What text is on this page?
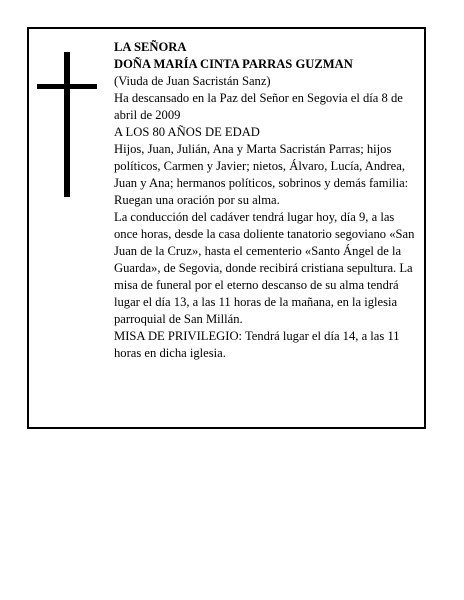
LA SEÑORA

DOÑA MARÍA CINTA PARRAS GUZMAN

(Viuda de Juan Sacristán Sanz)

Ha descansado en la Paz del Señor en Segovia el día 8 de abril de 2009

A LOS 80 AÑOS DE EDAD

Hijos, Juan, Julián, Ana y Marta Sacristán Parras; hijos políticos, Carmen y Javier; nietos, Álvaro, Lucía, Andrea, Juan y Ana; hermanos políticos, sobrinos y demás familia:

Ruegan una oración por su alma.

La conducción del cadáver tendrá lugar hoy, día 9, a las once horas, desde la casa doliente tanatorio segoviano «San Juan de la Cruz», hasta el cementerio «Santo Ángel de la Guarda», de Segovia, donde recibirá cristiana sepultura. La misa de funeral por el eterno descanso de su alma tendrá lugar el día 13, a las 11 horas de la mañana, en la iglesia parroquial de San Millán.

MISA DE PRIVILEGIO: Tendrá lugar el día 14, a las 11 horas en dicha iglesia.
